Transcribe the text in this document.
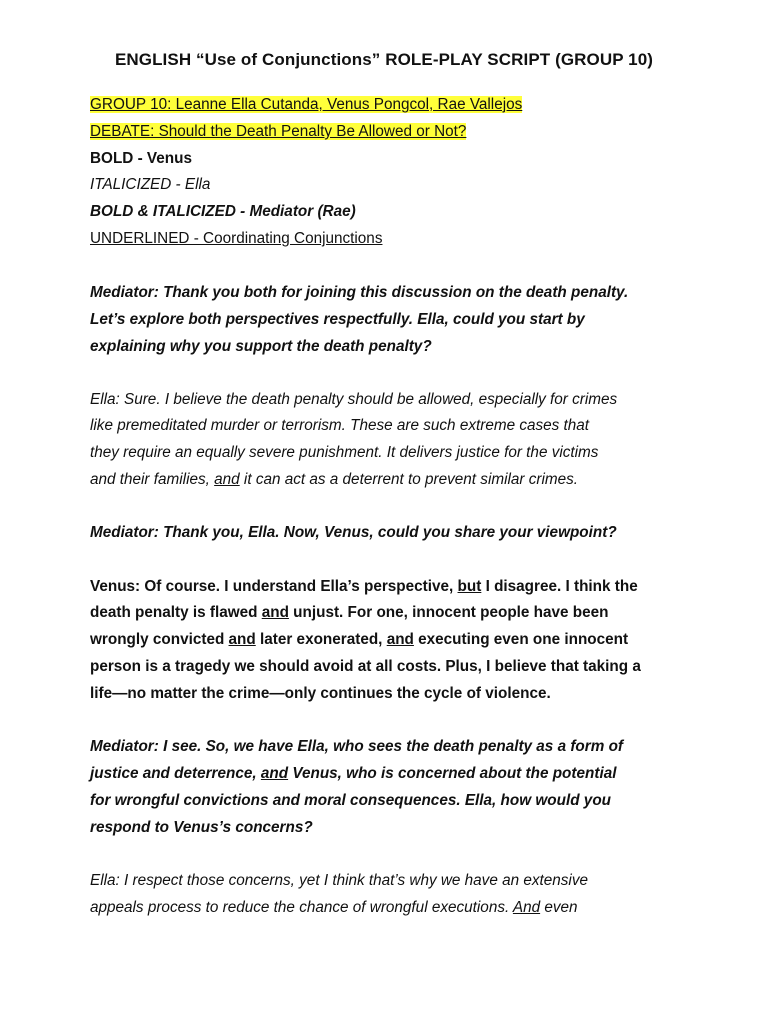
ENGLISH “Use of Conjunctions” ROLE-PLAY SCRIPT (GROUP 10)
GROUP 10: Leanne Ella Cutanda, Venus Pongcol, Rae Vallejos
DEBATE: Should the Death Penalty Be Allowed or Not?
BOLD - Venus
ITALICIZED - Ella
BOLD & ITALICIZED - Mediator (Rae)
UNDERLINED - Coordinating Conjunctions
Mediator: Thank you both for joining this discussion on the death penalty.
Let’s explore both perspectives respectfully. Ella, could you start by
explaining why you support the death penalty?
Ella: Sure. I believe the death penalty should be allowed, especially for crimes
like premeditated murder or terrorism. These are such extreme cases that
they require an equally severe punishment. It delivers justice for the victims
and their families, and it can act as a deterrent to prevent similar crimes.
Mediator: Thank you, Ella. Now, Venus, could you share your viewpoint?
Venus: Of course. I understand Ella’s perspective, but I disagree. I think the
death penalty is flawed and unjust. For one, innocent people have been
wrongly convicted and later exonerated, and executing even one innocent
person is a tragedy we should avoid at all costs. Plus, I believe that taking a
life—no matter the crime—only continues the cycle of violence.
Mediator: I see. So, we have Ella, who sees the death penalty as a form of
justice and deterrence, and Venus, who is concerned about the potential
for wrongful convictions and moral consequences. Ella, how would you
respond to Venus’s concerns?
Ella: I respect those concerns, yet I think that’s why we have an extensive
appeals process to reduce the chance of wrongful executions. And even
